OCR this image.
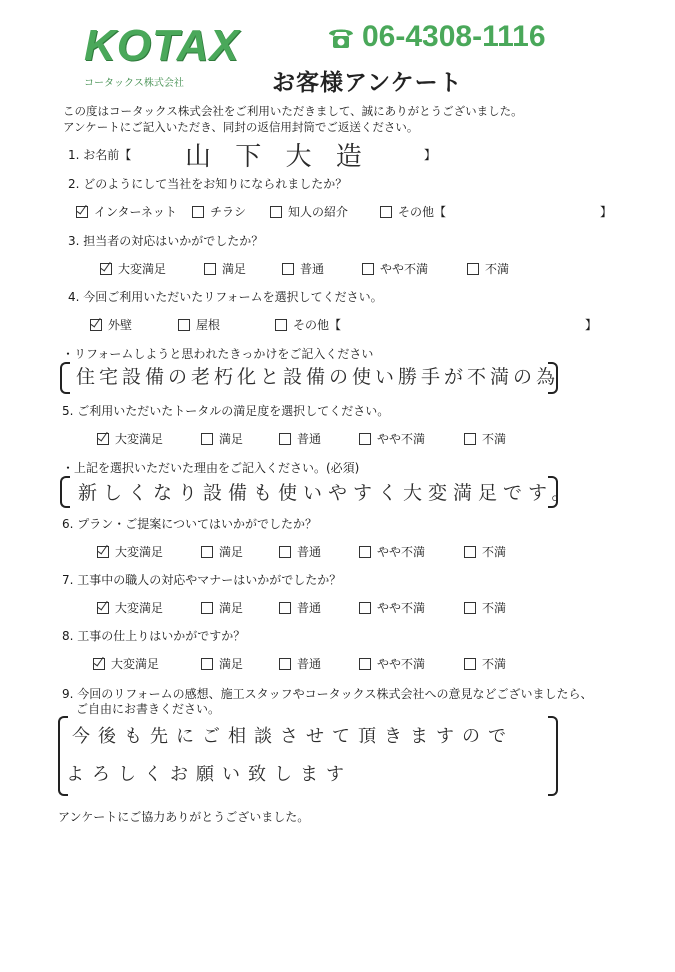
KOTAX
コータックス株式会社
06-4308-1116
お客様アンケート
この度はコータックス株式会社をご利用いただきまして、誠にありがとうございました。
アンケートにご記入いただき、同封の返信用封筒でご返送ください。
1. お名前【 山 下 大 造	】
2. どのようにして当社をお知りになられましたか？
インターネット	チラシ	知人の紹介	その他【	】
3. 担当者の対応はいかがでしたか？
大変満足	満足	普通	やや不満	不満
4. 今回ご利用いただいたリフォームを選択してください。
外壁	屋根	その他【	】
・リフォームしようと思われたきっかけをご記入ください
住宅設備の老朽化と設備の使い勝手が不満の為
5. ご利用いただいたトータルの満足度を選択してください。
大変満足	満足	普通	やや不満	不満
・上記を選択いただいた理由をご記入ください。(必須)
新しくなり設備も使いやすく大変満足です。
6. プラン・ご提案についてはいかがでしたか？
大変満足	満足	普通	やや不満	不満
7. 工事中の職人の対応やマナーはいかがでしたか？
大変満足	満足	普通	やや不満	不満
8. 工事の仕上りはいかがですか？
大変満足	満足	普通	やや不満	不満
9. 今回のリフォームの感想、施工スタッフやコータックス株式会社への意見などございましたら、
ご自由にお書きください。
今後も先にご相談させて頂きますので
よろしくお願い致します
アンケートにご協力ありがとうございました。
